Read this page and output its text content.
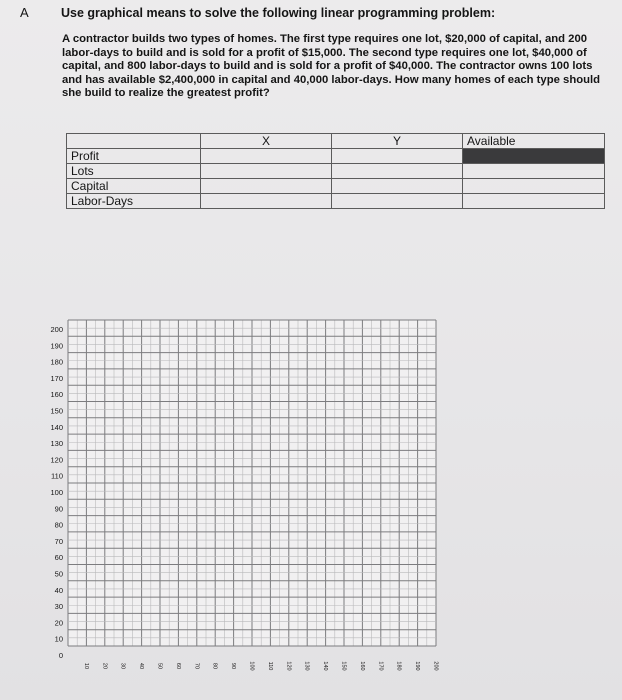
A	Use graphical means to solve the following linear programming problem:
A contractor builds two types of homes. The first type requires one lot, $20,000 of capital, and 200
labor-days to build and is sold for a profit of $15,000. The second type requires one lot, $40,000 of
capital, and 800 labor-days to build and is sold for a profit of $40,000. The contractor owns 100 lots
and has available $2,400,000 in capital and 40,000 labor-days. How many homes of each type should
she build to realize the greatest profit?
	X	Y	Available
Profit			
Lots			
Capital			
Labor-Days			
200
190
180
170
160
150
140
130
120
110
100
90
80
70
60
50
40
30
20
10
0
10 20 30 40 50 60 70 80 90 100 110 120 130 140 150 160 170 180 190 200
